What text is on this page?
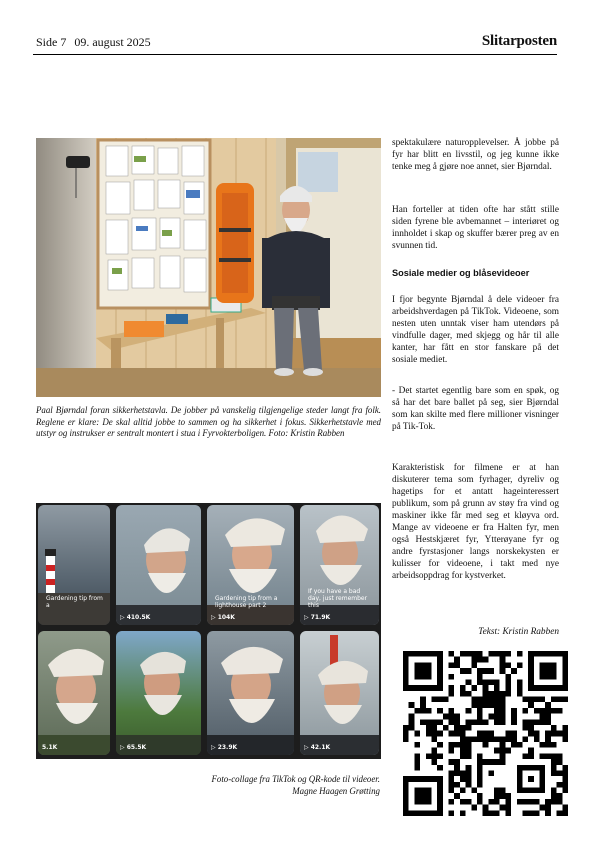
Side 7 09. august 2025	Slitarposten
Paal Bjørndal foran sikkerhetstavla. De jobber på vanskelig tilgjengelige steder langt fra folk. Reglene er klare: De skal alltid jobbe to sammen og ha sikkerhet i fokus. Sikkerhetstavle med utstyr og instrukser er sentralt montert i stua i Fyrvokterboligen. Foto: Kristin Rabben
Gardening tip from a
▷ 410.5K
Gardening tip from a lighthouse part 2
▷ 104K
If you have a bad day, just remember this
▷ 71.9K
5.1K	▷ 65.5K	▷ 23.9K	▷ 42.1K
Foto-collage fra TikTok og QR-kode til videoer.
Magne Haagen Grøtting

spektakulære naturopplevelser. Å jobbe på fyr har blitt en livsstil, og jeg kunne ikke tenke meg å gjøre noe annet, sier Bjørndal.

Han forteller at tiden ofte har stått stille siden fyrene ble avbemannet – interiøret og innholdet i skap og skuffer bærer preg av en svunnen tid.

Sosiale medier og blåsevideoer

I fjor begynte Bjørndal å dele videoer fra arbeidshverdagen på TikTok. Videoene, som nesten uten unntak viser ham utendørs på vindfulle dager, med skjegg og hår til alle kanter, har fått en stor fanskare på det sosiale mediet.

- Det startet egentlig bare som en spøk, og så har det bare ballet på seg, sier Bjørndal som kan skilte med flere millioner visninger på Tik-Tok.

Karakteristisk for filmene er at han diskuterer tema som fyrhager, dyreliv og hagetips for et antatt hageinteressert publikum, som på grunn av støy fra vind og maskiner ikke får med seg et kløyva ord. Mange av videoene er fra Halten fyr, men også Hestskjæret fyr, Ytterøyane fyr og andre fyrstasjoner langs norskekysten er kulisser for videoene, i takt med nye arbeidsoppdrag for kystverket.

Tekst: Kristin Rabben
